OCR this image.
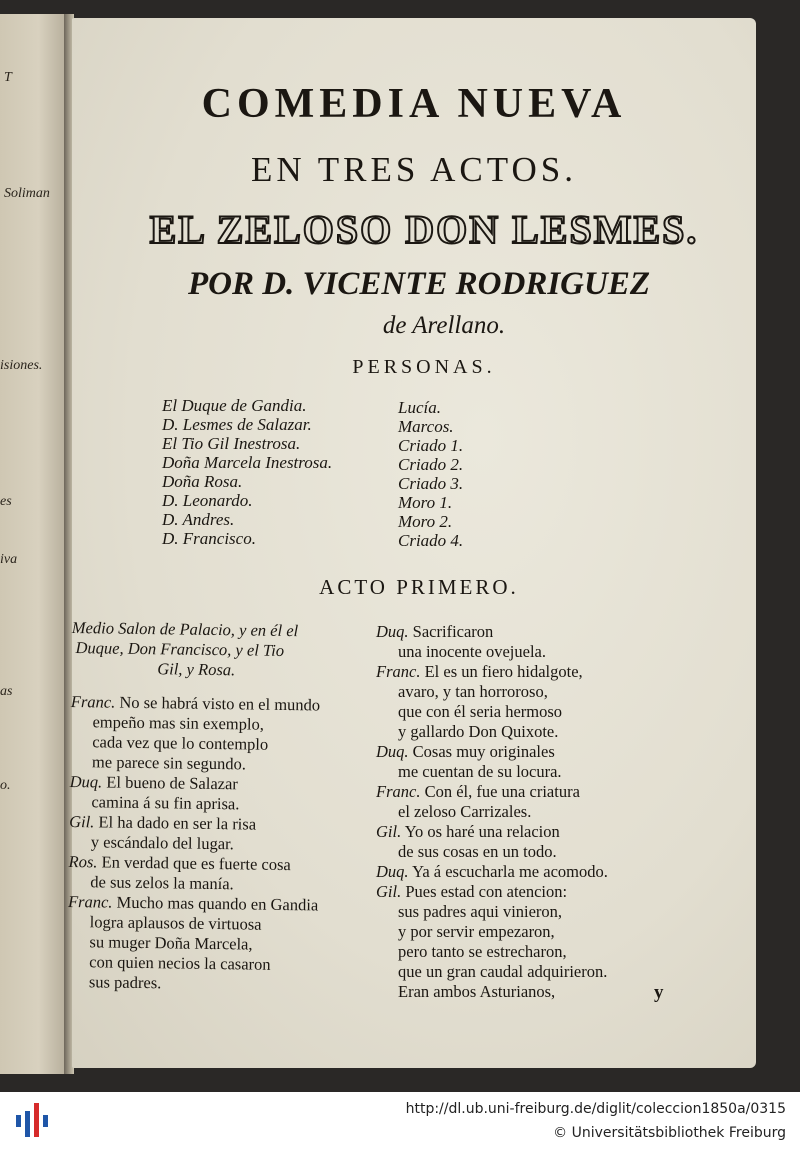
T
Soliman
isiones.
es
iva
as
o.
COMEDIA NUEVA
EN TRES ACTOS.
EL ZELOSO DON LESMES.
POR D. VICENTE RODRIGUEZ
de Arellano.
PERSONAS.
El Duque de Gandia.
D. Lesmes de Salazar.
El Tio Gil Inestrosa.
Doña Marcela Inestrosa.
Doña Rosa.
D. Leonardo.
D. Andres.
D. Francisco.
Lucía.
Marcos.
Criado 1.
Criado 2.
Criado 3.
Moro 1.
Moro 2.
Criado 4.
ACTO PRIMERO.
Medio Salon de Palacio, y en él el
Duque, Don Francisco, y el Tio
Gil, y Rosa.
Franc. No se habrá visto en el mundo
empeño mas sin exemplo,
cada vez que lo contemplo
me parece sin segundo.
Duq. El bueno de Salazar
camina á su fin aprisa.
Gil. El ha dado en ser la risa
y escándalo del lugar.
Ros. En verdad que es fuerte cosa
de sus zelos la manía.
Franc. Mucho mas quando en Gandia
logra aplausos de virtuosa
su muger Doña Marcela,
con quien necios la casaron
sus padres.
Duq. Sacrificaron
una inocente ovejuela.
Franc. El es un fiero hidalgote,
avaro, y tan horroroso,
que con él seria hermoso
y gallardo Don Quixote.
Duq. Cosas muy originales
me cuentan de su locura.
Franc. Con él, fue una criatura
el zeloso Carrizales.
Gil. Yo os haré una relacion
de sus cosas en un todo.
Duq. Ya á escucharla me acomodo.
Gil. Pues estad con atencion:
sus padres aqui vinieron,
y por servir empezaron,
pero tanto se estrecharon,
que un gran caudal adquirieron.
Eran ambos Asturianos,	y
http://dl.ub.uni-freiburg.de/diglit/coleccion1850a/0315
© Universitätsbibliothek Freiburg
